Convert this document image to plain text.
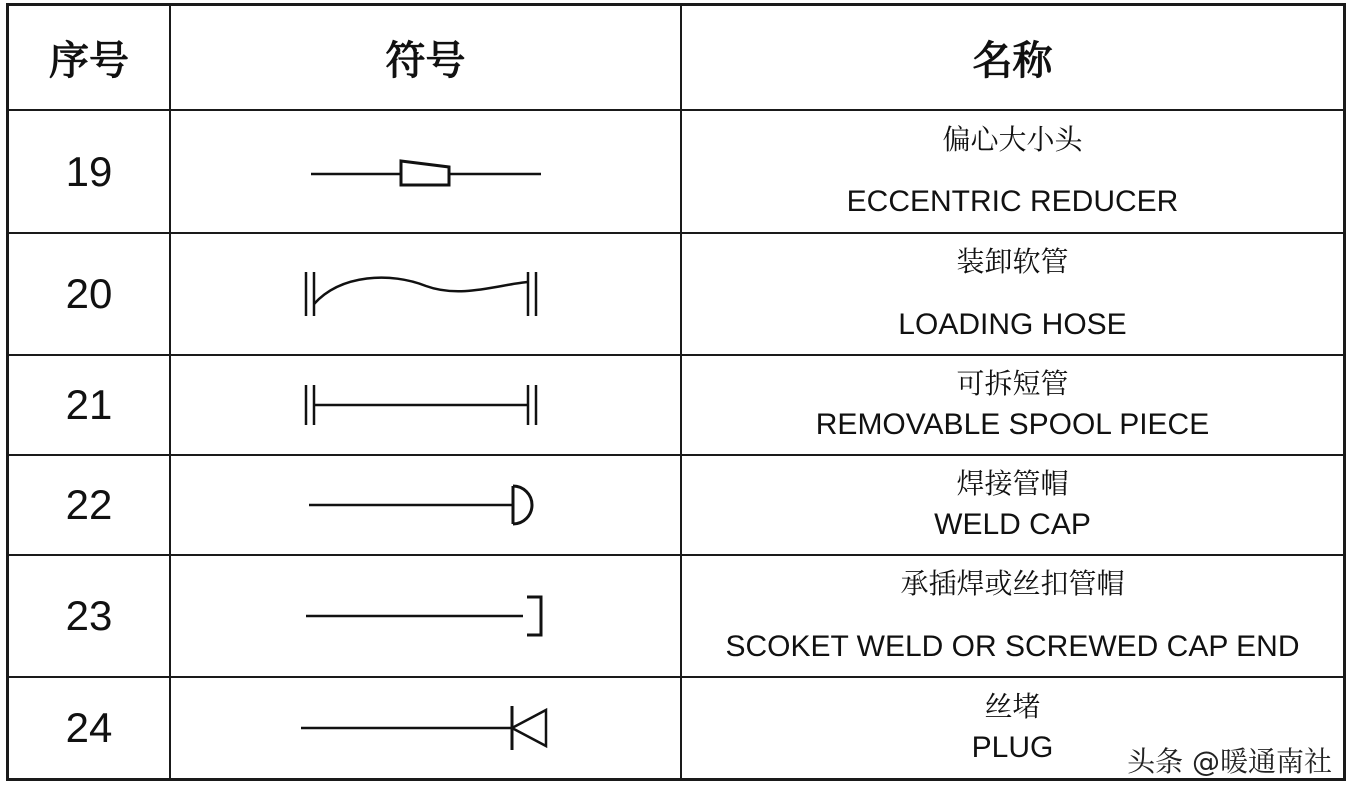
序号	符号	名称
19		偏心大小头
ECCENTRIC REDUCER

20		装卸软管
LOADING HOSE

21		可拆短管
REMOVABLE SPOOL PIECE

22		焊接管帽
WELD CAP

23		承插焊或丝扣管帽
SCOKET WELD OR SCREWED CAP END

24		丝堵
PLUG	头条 @暖通南社
